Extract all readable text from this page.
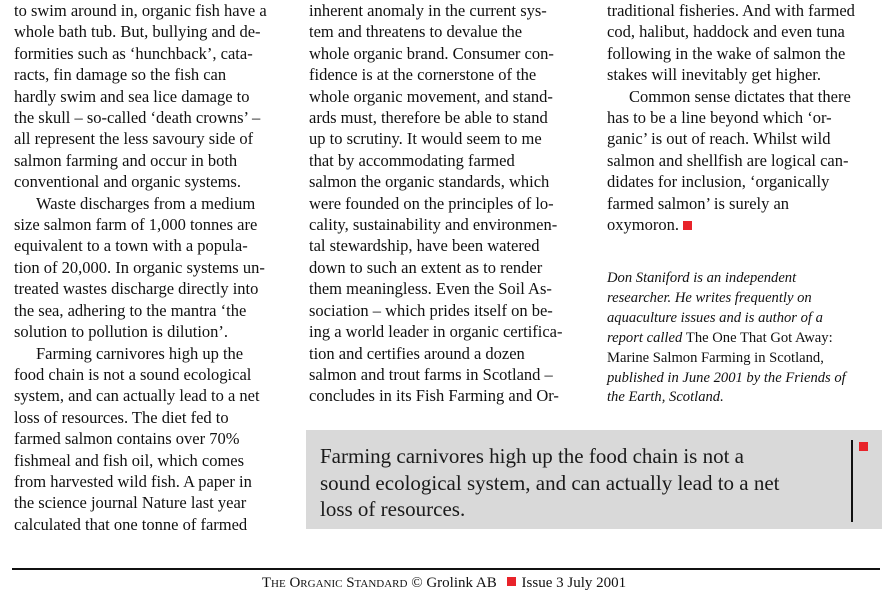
to swim around in, organic fish have a
whole bath tub. But, bullying and de-
formities such as ‘hunchback’, cata-
racts, fin damage so the fish can
hardly swim and sea lice damage to
the skull – so-called ‘death crowns’ –
all represent the less savoury side of
salmon farming and occur in both
conventional and organic systems.
Waste discharges from a medium
size salmon farm of 1,000 tonnes are
equivalent to a town with a popula-
tion of 20,000. In organic systems un-
treated wastes discharge directly into
the sea, adhering to the mantra ‘the
solution to pollution is dilution’.
Farming carnivores high up the
food chain is not a sound ecological
system, and can actually lead to a net
loss of resources. The diet fed to
farmed salmon contains over 70%
fishmeal and fish oil, which comes
from harvested wild fish. A paper in
the science journal Nature last year
calculated that one tonne of farmed
inherent anomaly in the current sys-
tem and threatens to devalue the
whole organic brand. Consumer con-
fidence is at the cornerstone of the
whole organic movement, and stand-
ards must, therefore be able to stand
up to scrutiny. It would seem to me
that by accommodating farmed
salmon the organic standards, which
were founded on the principles of lo-
cality, sustainability and environmen-
tal stewardship, have been watered
down to such an extent as to render
them meaningless. Even the Soil As-
sociation – which prides itself on be-
ing a world leader in organic certifica-
tion and certifies around a dozen
salmon and trout farms in Scotland –
concludes in its Fish Farming and Or-
traditional fisheries. And with farmed
cod, halibut, haddock and even tuna
following in the wake of salmon the
stakes will inevitably get higher.
Common sense dictates that there
has to be a line beyond which ‘or-
ganic’ is out of reach. Whilst wild
salmon and shellfish are logical can-
didates for inclusion, ‘organically
farmed salmon’ is surely an
oxymoron.
Don Staniford is an independent
researcher. He writes frequently on
aquaculture issues and is author of a
report called The One That Got Away:
Marine Salmon Farming in Scotland,
published in June 2001 by the Friends of
the Earth, Scotland.
Farming carnivores high up the food chain is not a
sound ecological system, and can actually lead to a net
loss of resources.
The Organic Standard © Grolink AB Issue 3 July 2001
